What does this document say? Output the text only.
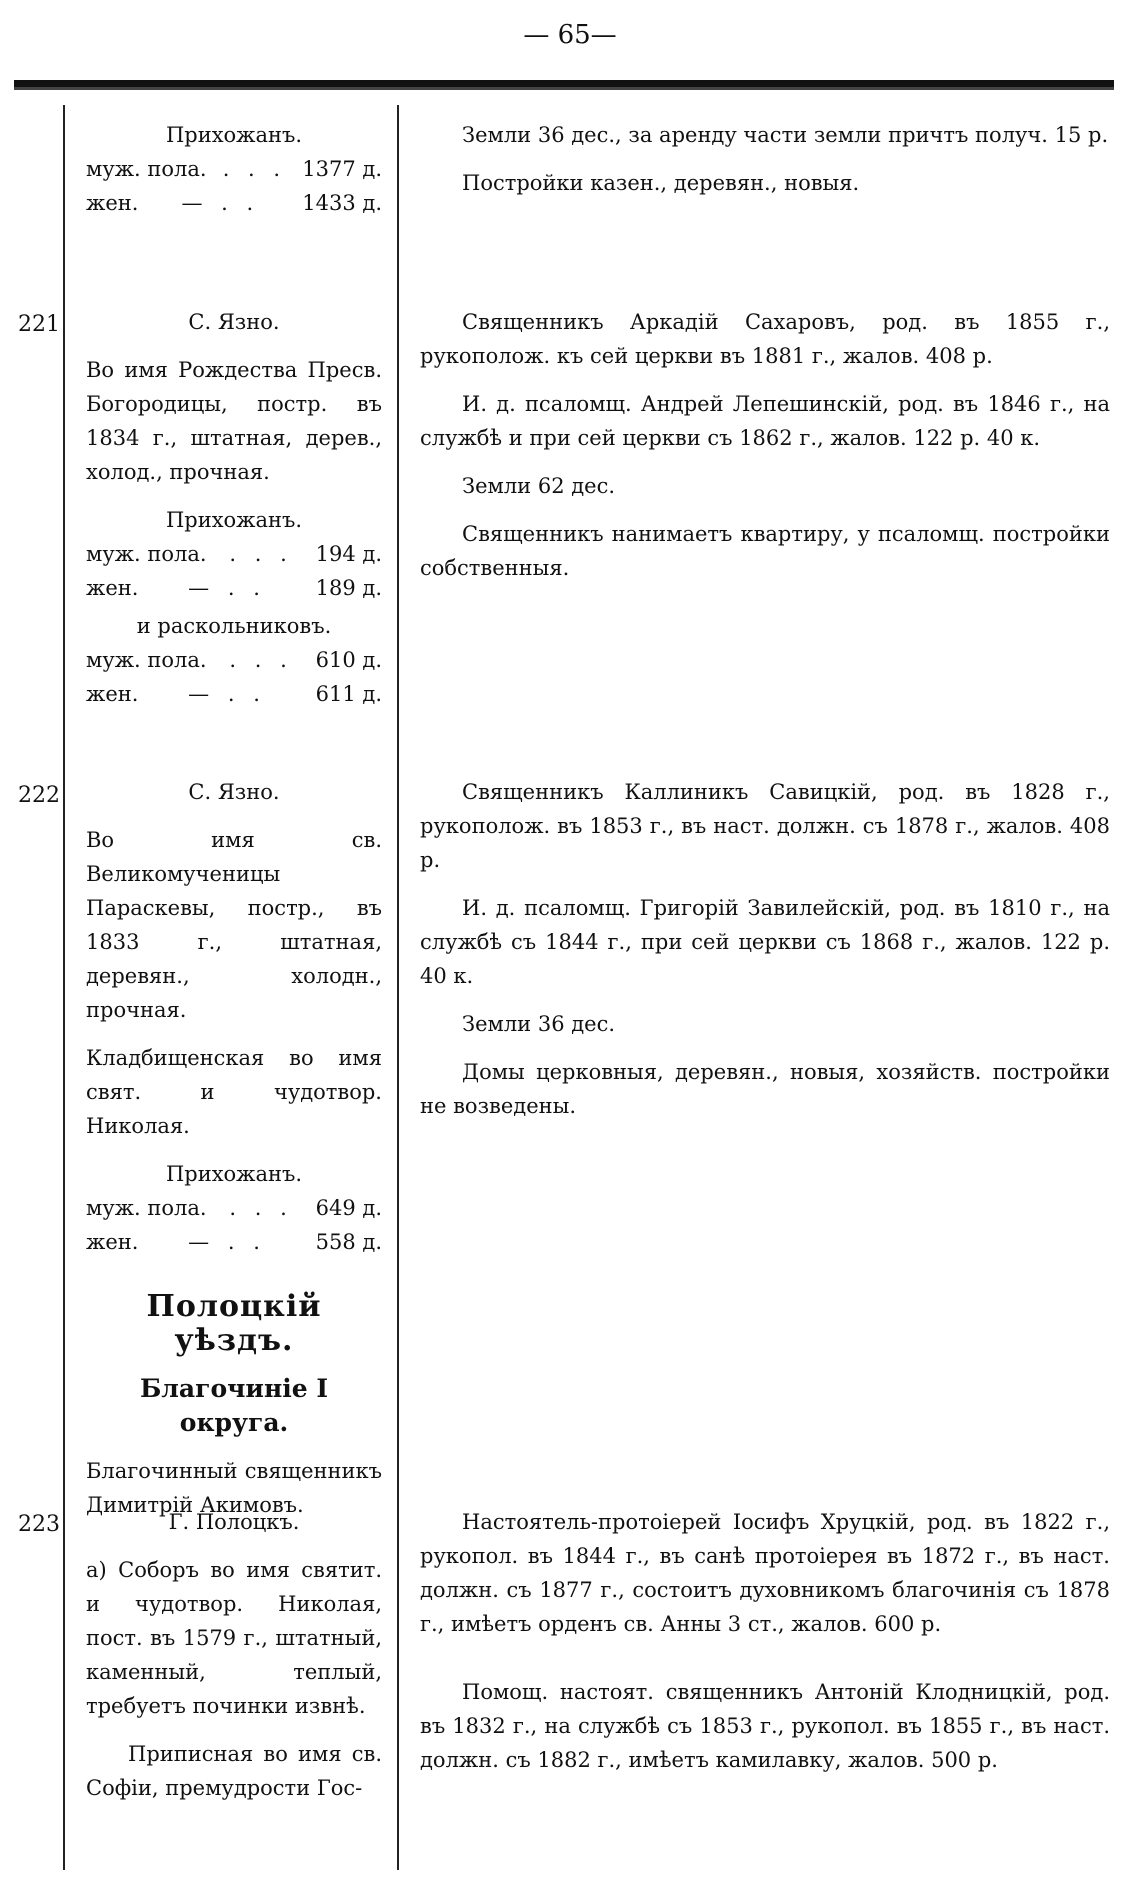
— 65—
Прихожанъ.
муж. пола. . . . 1377 д.
жен.	— . .	1433 д.

Земли 36 дес., за аренду части земли причтъ получ. 15 р.

Постройки казен., деревян., новыя.

221	С. Язно.

Во имя Рождества Пресв. Богородицы, постр. въ 1834 г., штатная, дерев., холод., прочная.

Прихожанъ.
муж. пола.	. . .	194 д.
жен.	— . .	189 д.
и раскольниковъ.
муж. пола.	. . .	610 д.
жен.	— . .	611 д.

Священникъ Аркадій Сахаровъ, род. въ 1855 г., рукополож. къ сей церкви въ 1881 г., жалов. 408 р.

И. д. псаломщ. Андрей Лепешинскій, род. въ 1846 г., на службѣ и при сей церкви съ 1862 г., жалов. 122 р. 40 к.

Земли 62 дес.

Священникъ нанимаетъ квартиру, у псаломщ. постройки собственныя.

222	С. Язно.

Во имя св. Великомученицы Параскевы, постр., въ 1833 г., штатная, деревян., холодн., прочная.

Кладбищенская во имя свят. и чудотвор. Николая.

Прихожанъ.
муж. пола.	. . .	649 д.
жен.	— . .	558 д.

Священникъ Каллиникъ Савицкій, род. въ 1828 г., рукополож. въ 1853 г., въ наст. должн. съ 1878 г., жалов. 408 р.

И. д. псаломщ. Григорій Завилейскій, род. въ 1810 г., на службѣ съ 1844 г., при сей церкви съ 1868 г., жалов. 122 р. 40 к.

Земли 36 дес.

Домы церковныя, деревян., новыя, хозяйств. постройки не возведены.

Полоцкій уѣздъ.
Благочиніе I округа.

Благочинный священникъ Димитрій Акимовъ.

223	Г. Полоцкъ.

а) Соборъ во имя святит. и чудотвор. Николая, пост. въ 1579 г., штатный, каменный, теплый, требуетъ починки извнѣ.

Приписная во имя св. Софіи, премудрости Гос-

Настоятель-протоіерей Іосифъ Хруцкій, род. въ 1822 г., рукопол. въ 1844 г., въ санѣ протоіерея въ 1872 г., въ наст. должн. съ 1877 г., состоитъ духовникомъ благочинія съ 1878 г., имѣетъ орденъ св. Анны 3 ст., жалов. 600 р.

Помощ. настоят. священникъ Антоній Клодницкій, род. въ 1832 г., на службѣ съ 1853 г., рукопол. въ 1855 г., въ наст. должн. съ 1882 г., имѣетъ камилавку, жалов. 500 р.
